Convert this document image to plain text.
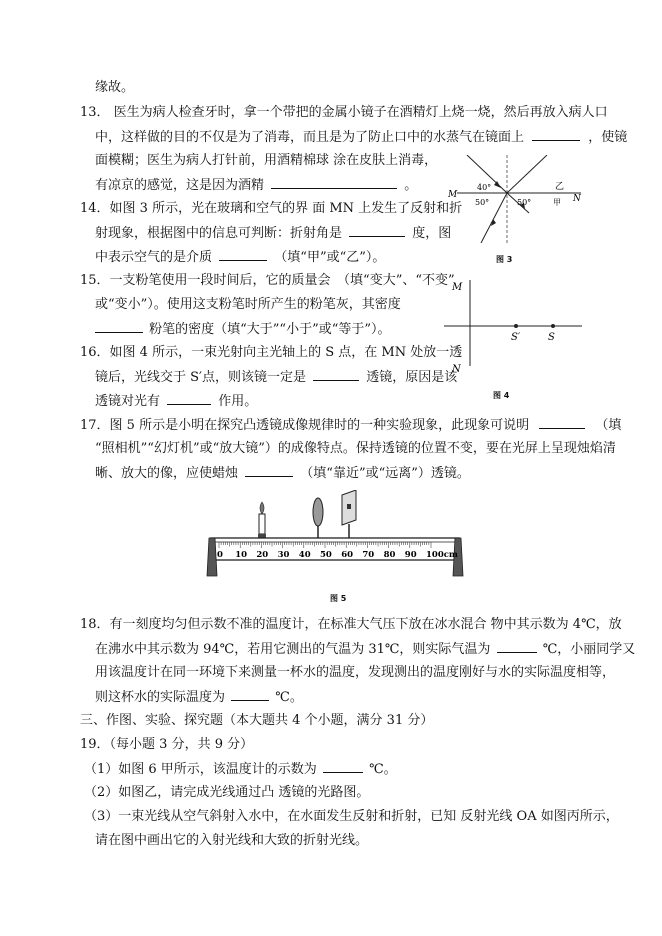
缘故。
13． 医生为病人检查牙时，拿一个带把的金属小镜子在酒精灯上烧一烧，然后再放入病人口
中，这样做的目的不仅是为了消毒，而且是为了防止口中的水蒸气在镜面上	，使镜
面模糊；医生为病人打针前，用酒精棉球 涂在皮肤上消毒，
有凉京的感觉，这是因为酒精	。
14．如图 3 所示，光在玻璃和空气的界 面 MN 上发生了反射和折
射现象，根据图中的信息可判断：折射角是	度，图
中表示空气的是介质	（填“甲”或“乙”）。
15．一支粉笔使用一段时间后，它的质量会　（填“变大”、“不变”
或“变小”）。使用这支粉笔时所产生的粉笔灰，其密度
粉笔的密度（填“大于”“小于”或“等于”）。
16．如图 4 所示，一束光射向主光轴上的 S 点，在 MN 处放一透
镜后，光线交于 S′点，则该镜一定是	透镜，原因是该
透镜对光有	作用。
17．图 5 所示是小明在探究凸透镜成像规律时的一种实验现象，此现象可说明	（填
“照相机”“幻灯机”或“放大镜”）的成像特点。保持透镜的位置不变，要在光屏上呈现烛焰清
晰、放大的像，应使蜡烛	（填“靠近”或“远离”）透镜。
18．有一刻度均匀但示数不准的温度计，在标准大气压下放在冰水混合 物中其示数为 4℃，放
在沸水中其示数为 94℃，若用它测出的气温为 31℃，则实际气温为	℃，小丽同学又
用该温度计在同一环境下来测量一杯水的温度，发现测出的温度刚好与水的实际温度相等，
则这杯水的实际温度为	℃。
三、作图、实验、探究题（本大题共 4 个小题，满分 31 分）
19．（每小题 3 分，共 9 分）
（1）如图 6 甲所示，该温度计的示数为	℃。
（2）如图乙，请完成光线通过凸 透镜的光路图。
（3）一束光线从空气斜射入水中，在水面发生反射和折射，已知 反射光线 OA 如图丙所示，
请在图中画出它的入射光线和大致的折射光线。
M	N
乙
甲
40°
50°	50°
图 3
M
N
S′	S
图 4
0 10 20 30 40 50 60 70 80 90 100cm
图 5
